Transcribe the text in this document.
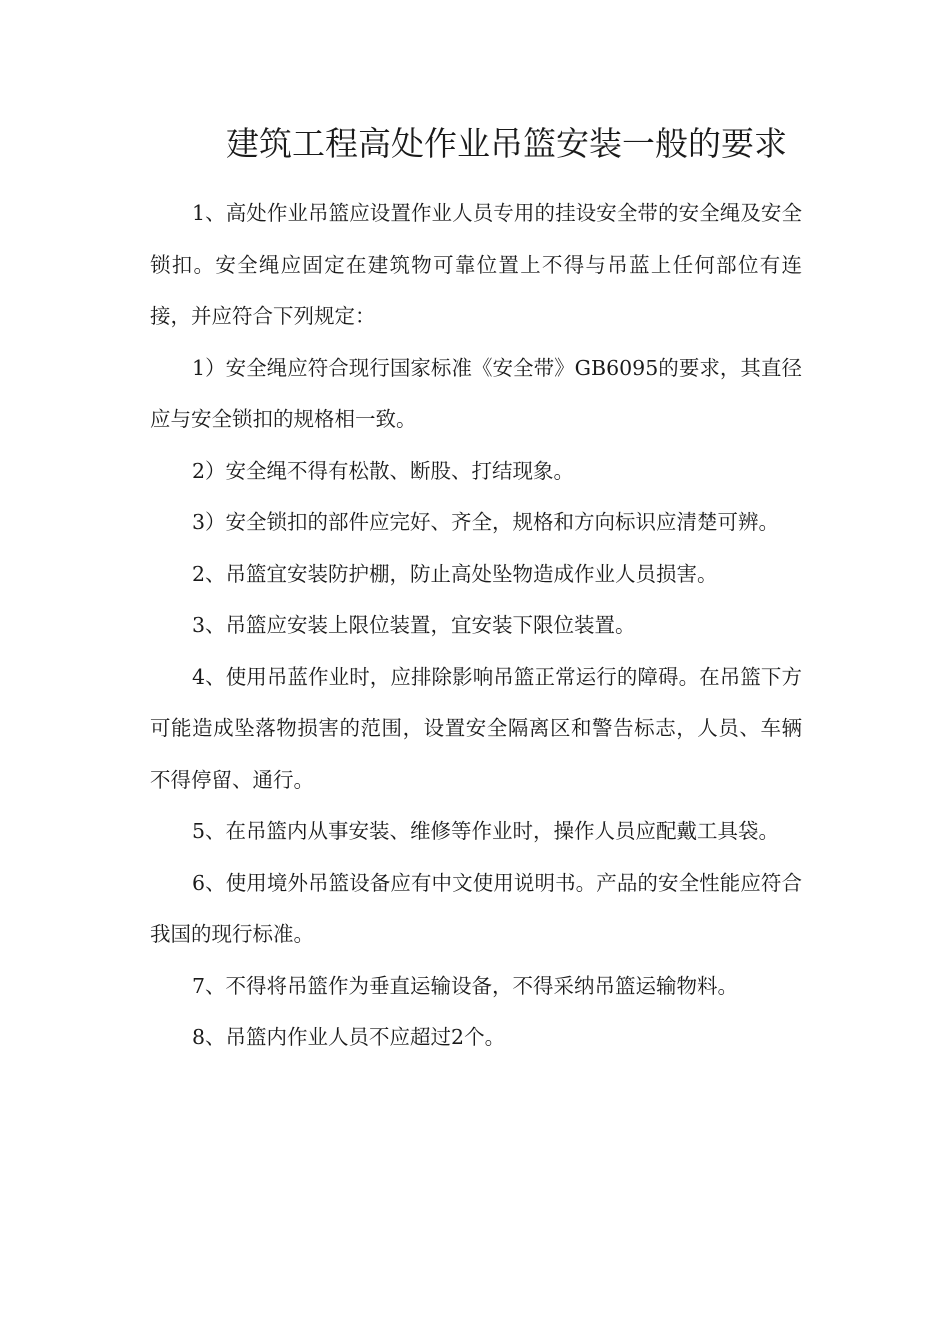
建筑工程高处作业吊篮安装一般的要求

1、高处作业吊篮应设置作业人员专用的挂设安全带的安全绳及安全锁扣。安全绳应固定在建筑物可靠位置上不得与吊蓝上任何部位有连接，并应符合下列规定：

1）安全绳应符合现行国家标准《安全带》GB6095的要求，其直径应与安全锁扣的规格相一致。

2）安全绳不得有松散、断股、打结现象。

3）安全锁扣的部件应完好、齐全，规格和方向标识应清楚可辨。

2、吊篮宜安装防护棚，防止高处坠物造成作业人员损害。

3、吊篮应安装上限位装置，宜安装下限位装置。

4、使用吊蓝作业时，应排除影响吊篮正常运行的障碍。在吊篮下方可能造成坠落物损害的范围，设置安全隔离区和警告标志，人员、车辆不得停留、通行。

5、在吊篮内从事安装、维修等作业时，操作人员应配戴工具袋。

6、使用境外吊篮设备应有中文使用说明书。产品的安全性能应符合我国的现行标准。

7、不得将吊篮作为垂直运输设备，不得采纳吊篮运输物料。

8、吊篮内作业人员不应超过2个。
